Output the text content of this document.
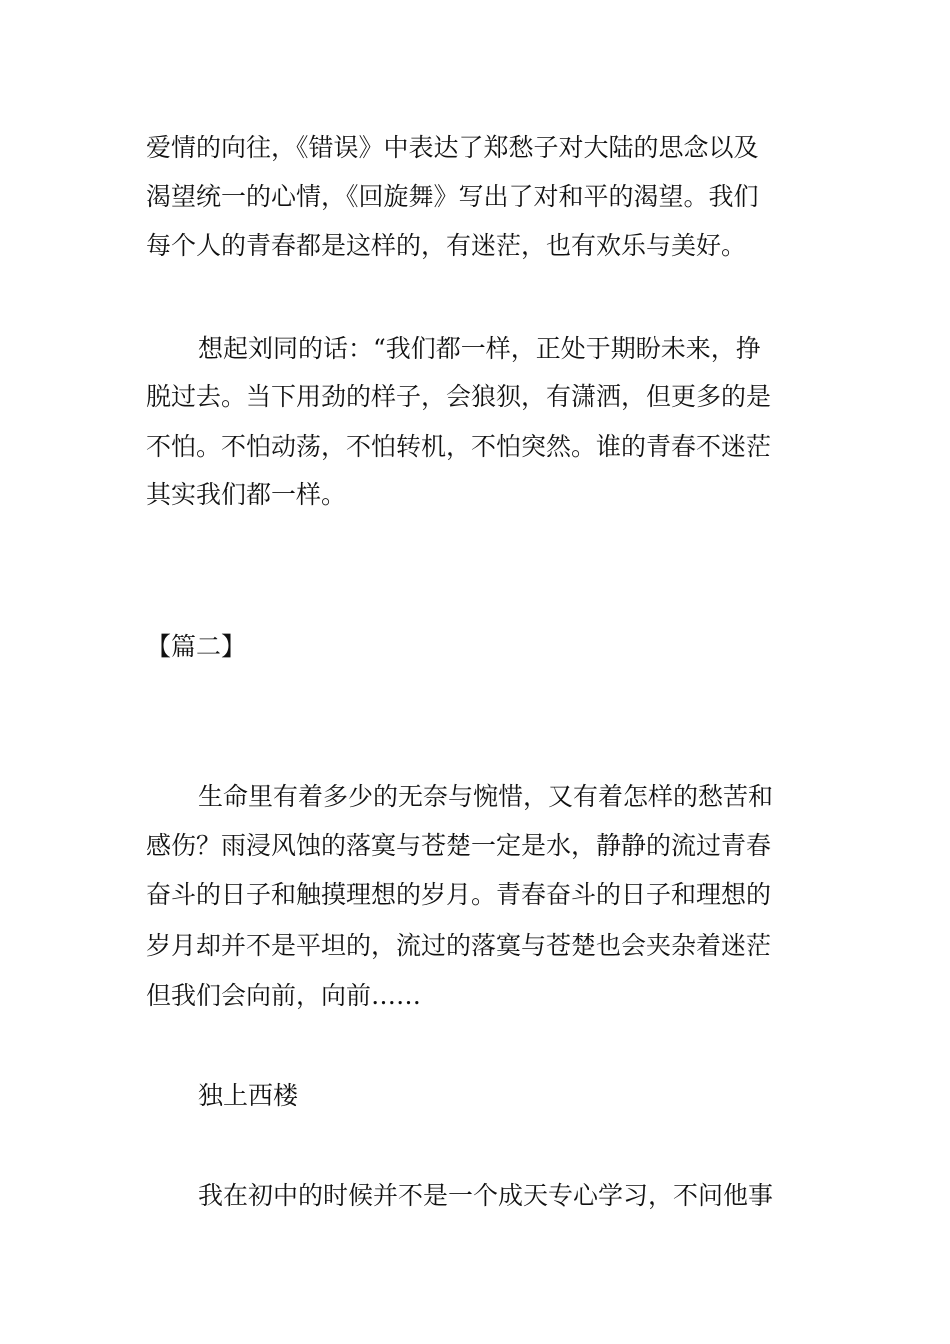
爱情的向往，《错误》中表达了郑愁子对大陆的思念以及

渴望统一的心情，《回旋舞》写出了对和平的渴望。我们

每个人的青春都是这样的，有迷茫，也有欢乐与美好。

想起刘同的话：“我们都一样，正处于期盼未来，挣

脱过去。当下用劲的样子，会狼狈，有潇洒，但更多的是

不怕。不怕动荡，不怕转机，不怕突然。谁的青春不迷茫

其实我们都一样。

【篇二】

生命里有着多少的无奈与惋惜，又有着怎样的愁苦和

感伤？雨浸风蚀的落寞与苍楚一定是水，静静的流过青春

奋斗的日子和触摸理想的岁月。青春奋斗的日子和理想的

岁月却并不是平坦的，流过的落寞与苍楚也会夹杂着迷茫

但我们会向前，向前……

独上西楼

我在初中的时候并不是一个成天专心学习，不问他事
